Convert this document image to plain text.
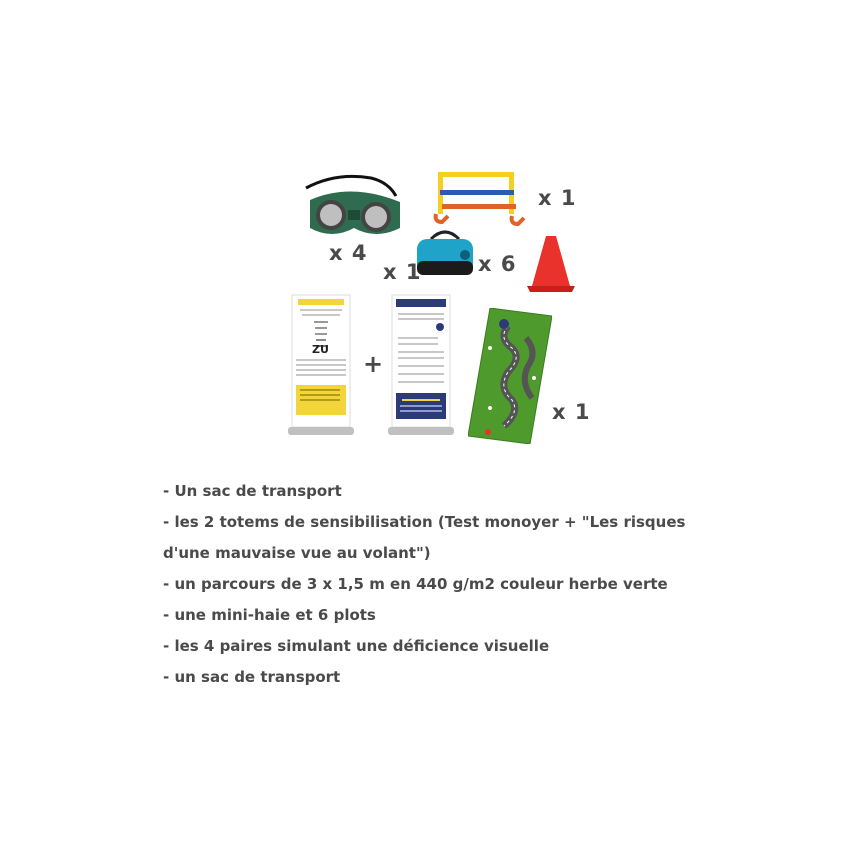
x 4
x 1
x 1	x 6
ZU
+
x 1
- Un sac de transport
- les 2 totems de sensibilisation (Test monoyer + "Les risques
d'une mauvaise vue au volant")
- un parcours de 3 x 1,5 m en 440 g/m2 couleur herbe verte
- une mini-haie et 6 plots
- les 4 paires simulant une déficience visuelle
- un sac de transport
